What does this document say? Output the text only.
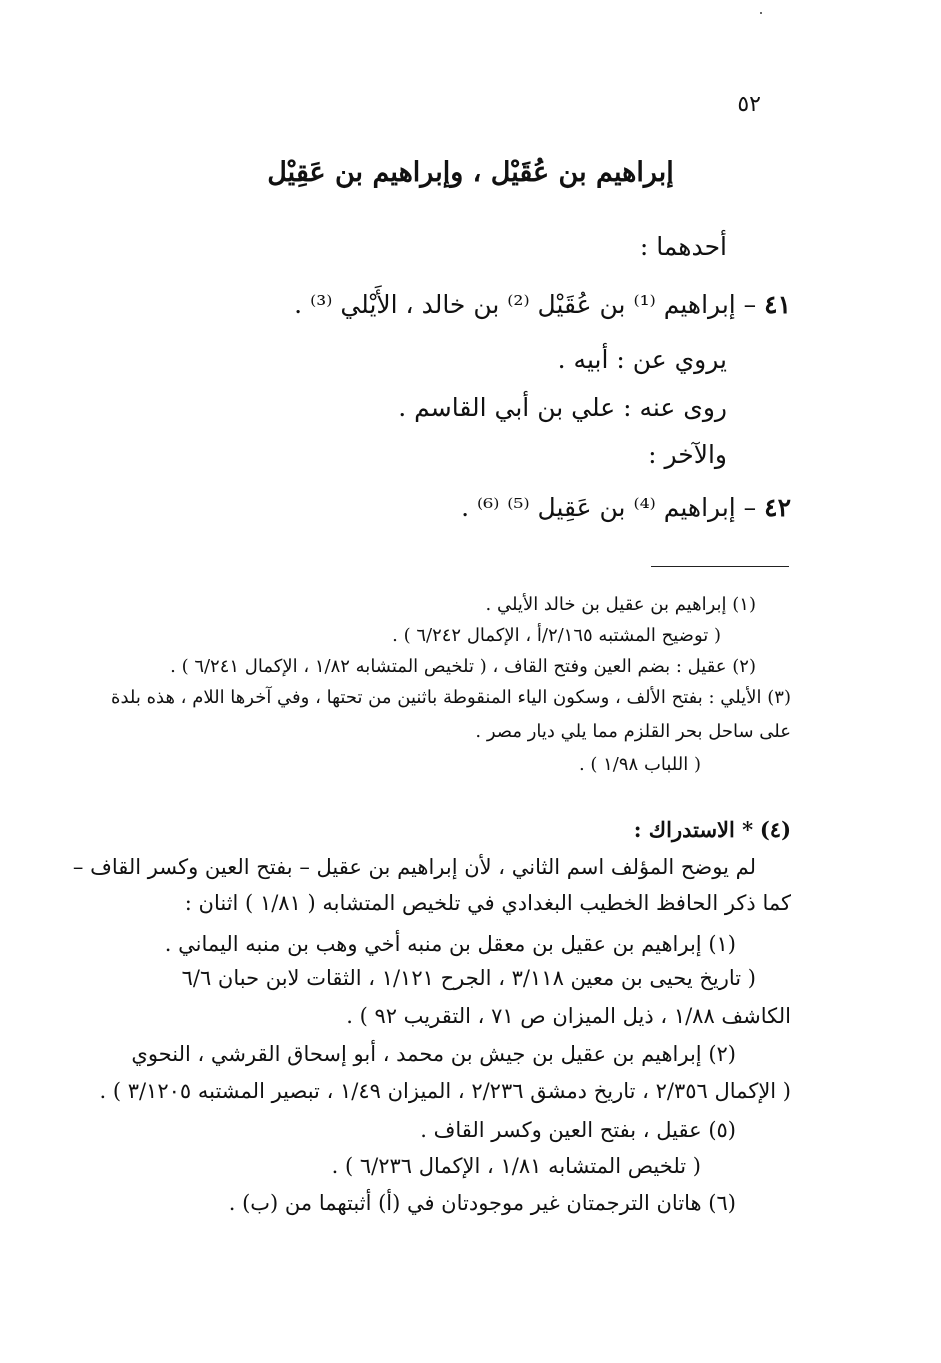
٥٢
إبراهيم بن عُقَيْل ، وإبراهيم بن عَقِيْل
أحدهما :
٤١ – إبراهيم ⁽¹⁾ بن عُقَيْل ⁽²⁾ بن خالد ، الأَيْلي ⁽³⁾ .
يروي عن : أبيه .
روى عنه : علي بن أبي القاسم .
والآخر :
٤٢ – إبراهيم ⁽⁴⁾ بن عَقِيل ⁽⁵⁾ ⁽⁶⁾ .
(١) إبراهيم بن عقيل بن خالد الأيلي .
( توضيح المشتبه ٢/١٦٥/أ ، الإكمال ٦/٢٤٢ ) .
(٢) عقيل : بضم العين وفتح القاف ، ( تلخيص المتشابه ١/٨٢ ، الإكمال ٦/٢٤١ ) .
(٣) الأيلي : بفتح الألف ، وسكون الياء المنقوطة باثنين من تحتها ، وفي آخرها اللام ، هذه بلدة
على ساحل بحر القلزم مما يلي ديار مصر .
( اللباب ١/٩٨ ) .
(٤) * الاستدراك :
لم يوضح المؤلف اسم الثاني ، لأن إبراهيم بن عقيل – بفتح العين وكسر القاف –
كما ذكر الحافظ الخطيب البغدادي في تلخيص المتشابه ( ١/٨١ ) اثنان :
(١) إبراهيم بن عقيل بن معقل بن منبه أخي وهب بن منبه اليماني .
( تاريخ يحيى بن معين ٣/١١٨ ، الجرح ١/١٢١ ، الثقات لابن حبان ٦/٦
الكاشف ١/٨٨ ، ذيل الميزان ص ٧١ ، التقريب ٩٢ ) .
(٢) إبراهيم بن عقيل بن جيش بن محمد ، أبو إسحاق القرشي ، النحوي
( الإكمال ٢/٣٥٦ ، تاريخ دمشق ٢/٢٣٦ ، الميزان ١/٤٩ ، تبصير المشتبه ٣/١٢٠٥ ) .
(٥) عقيل ، بفتح العين وكسر القاف .
( تلخيص المتشابه ١/٨١ ، الإكمال ٦/٢٣٦ ) .
(٦) هاتان الترجمتان غير موجودتان في (أ) أثبتهما من (ب) .
